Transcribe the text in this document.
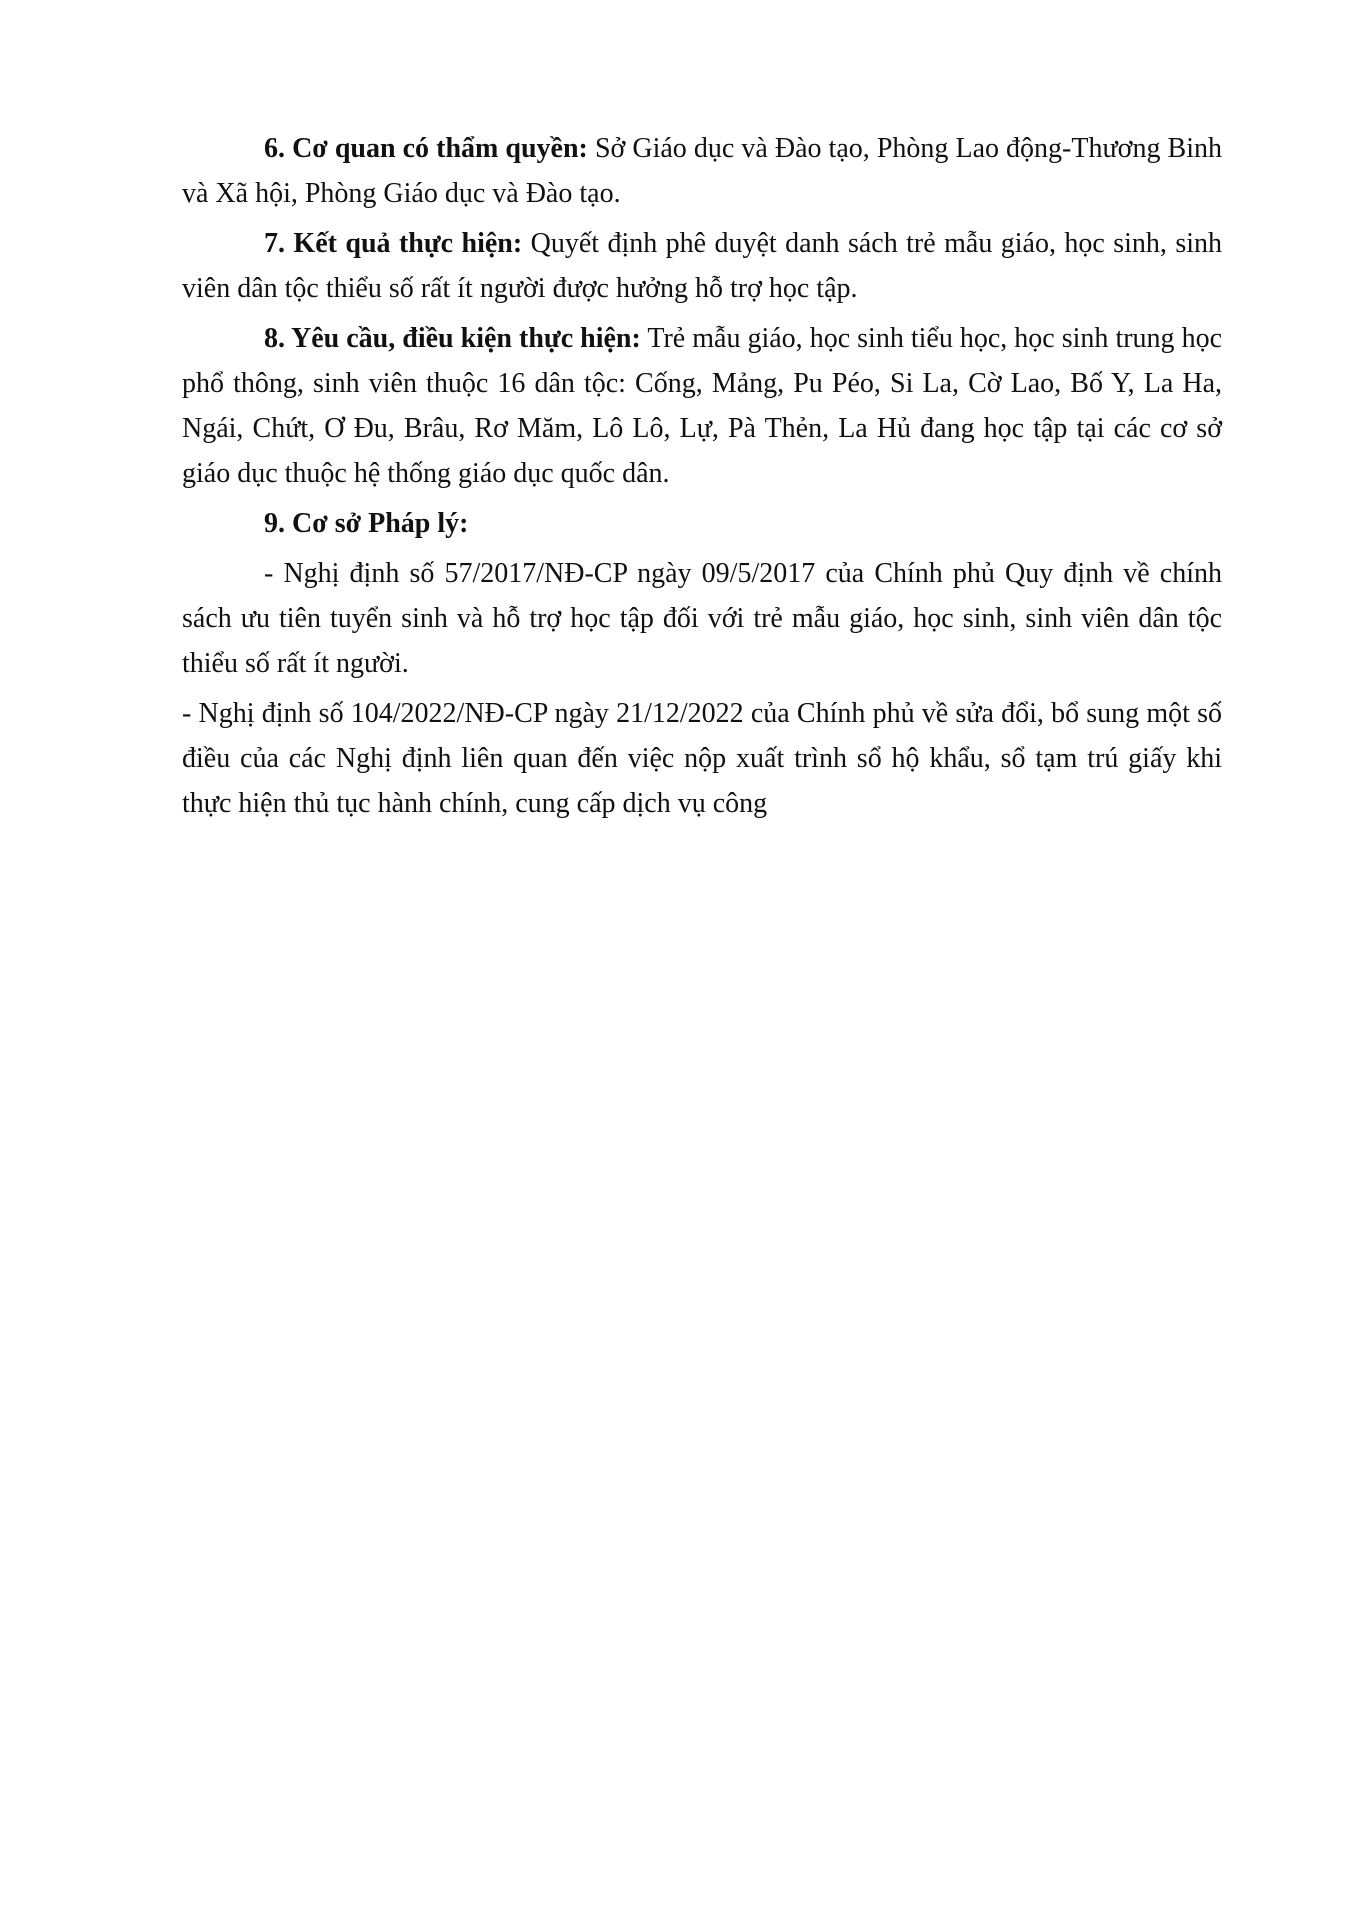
6. Cơ quan có thẩm quyền: Sở Giáo dục và Đào tạo, Phòng Lao động-Thương Binh và Xã hội, Phòng Giáo dục và Đào tạo.

7. Kết quả thực hiện: Quyết định phê duyệt danh sách trẻ mẫu giáo, học sinh, sinh viên dân tộc thiểu số rất ít người được hưởng hỗ trợ học tập.

8. Yêu cầu, điều kiện thực hiện: Trẻ mẫu giáo, học sinh tiểu học, học sinh trung học phổ thông, sinh viên thuộc 16 dân tộc: Cống, Mảng, Pu Péo, Si La, Cờ Lao, Bố Y, La Ha, Ngái, Chứt, Ơ Đu, Brâu, Rơ Măm, Lô Lô, Lự, Pà Thẻn, La Hủ đang học tập tại các cơ sở giáo dục thuộc hệ thống giáo dục quốc dân.

9. Cơ sở Pháp lý:

- Nghị định số 57/2017/NĐ-CP ngày 09/5/2017 của Chính phủ Quy định về chính sách ưu tiên tuyển sinh và hỗ trợ học tập đối với trẻ mẫu giáo, học sinh, sinh viên dân tộc thiểu số rất ít người.

- Nghị định số 104/2022/NĐ-CP ngày 21/12/2022 của Chính phủ về sửa đổi, bổ sung một số điều của các Nghị định liên quan đến việc nộp xuất trình sổ hộ khẩu, sổ tạm trú giấy khi thực hiện thủ tục hành chính, cung cấp dịch vụ công
